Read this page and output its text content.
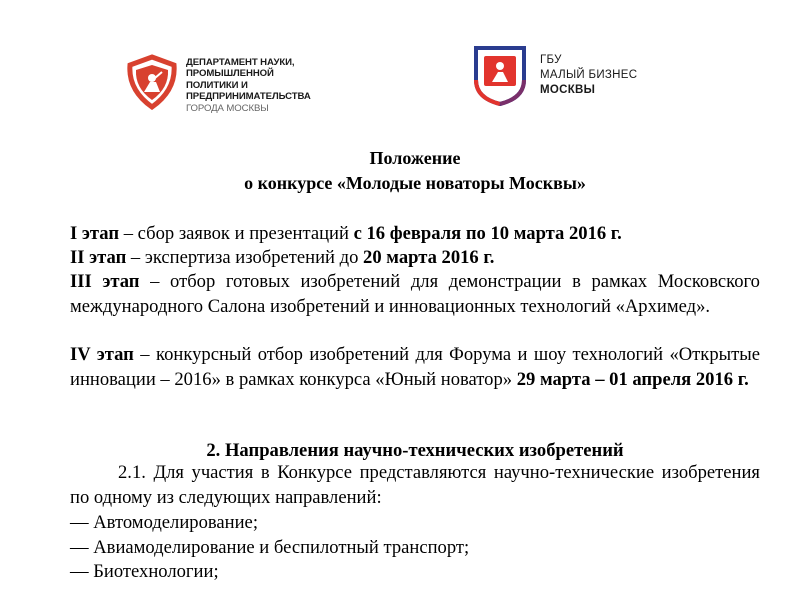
ДЕПАРТАМЕНТ НАУКИ,
ПРОМЫШЛЕННОЙ
ПОЛИТИКИ И
ПРЕДПРИНИМАТЕЛЬСТВА
ГОРОДА МОСКВЫ
ГБУ
МАЛЫЙ БИЗНЕС
МОСКВЫ
Положение
о конкурсе «Молодые новаторы Москвы»
I этап – сбор заявок и презентаций с 16 февраля по 10 марта 2016 г.
II этап – экспертиза изобретений до 20 марта 2016 г.
III этап – отбор готовых изобретений для демонстрации в рамках Московского международного Салона изобретений и инновационных технологий «Архимед».
IV этап – конкурсный отбор изобретений для Форума и шоу технологий «Открытые инновации – 2016» в рамках конкурса «Юный новатор» 29 марта – 01 апреля 2016 г.
2. Направления научно-технических изобретений
2.1. Для участия в Конкурсе представляются научно-технические изобретения по одному из следующих направлений:
— Автомоделирование;
— Авиамоделирование и беспилотный транспорт;
— Биотехнологии;
